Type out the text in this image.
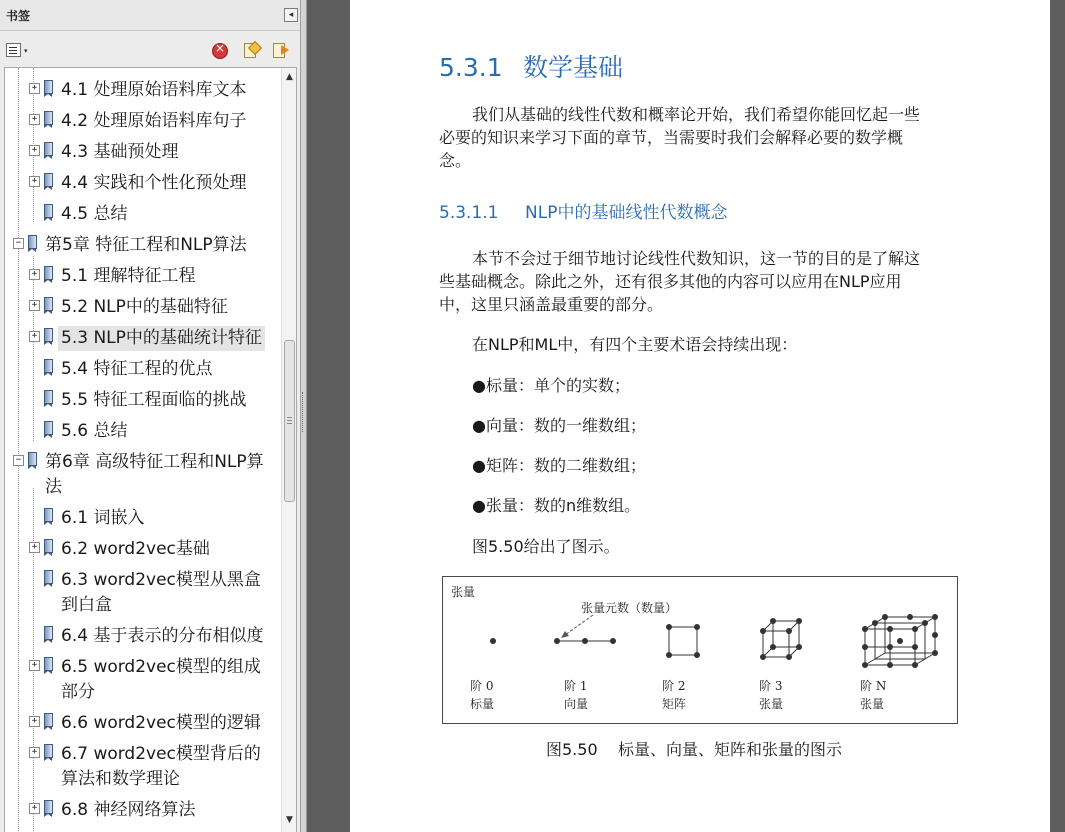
书签	◂
▾	×
+ 4.1 处理原始语料库文本
+ 4.2 处理原始语料库句子
+ 4.3 基础预处理
+ 4.4 实践和个性化预处理
4.5 总结
− 第5章 特征工程和NLP算法
+ 5.1 理解特征工程
+ 5.2 NLP中的基础特征
+ 5.3 NLP中的基础统计特征
5.4 特征工程的优点
5.5 特征工程面临的挑战
5.6 总结
− 第6章 高级特征工程和NLP算
法
6.1 词嵌入
+ 6.2 word2vec基础
6.3 word2vec模型从黑盒
到白盒
6.4 基于表示的分布相似度
+ 6.5 word2vec模型的组成
部分
+ 6.6 word2vec模型的逻辑
+ 6.7 word2vec模型背后的
算法和数学理论
+ 6.8 神经网络算法
▲
▼
5.3.1 数学基础
我们从基础的线性代数和概率论开始，我们希望你能回忆起一些
必要的知识来学习下面的章节，当需要时我们会解释必要的数学概
念。
5.3.1.1 NLP中的基础线性代数概念
本节不会过于细节地讨论线性代数知识，这一节的目的是了解这
些基础概念。除此之外，还有很多其他的内容可以应用在NLP应用
中，这里只涵盖最重要的部分。
在NLP和ML中，有四个主要术语会持续出现：
●标量：单个的实数；
●向量：数的一维数组；
●矩阵：数的二维数组；
●张量：数的n维数组。
图5.50给出了图示。
张量
张量元数（数量）
阶 0
标量
阶 1
向量
阶 2
矩阵
阶 3
张量
阶 N
张量
图5.50 标量、向量、矩阵和张量的图示
